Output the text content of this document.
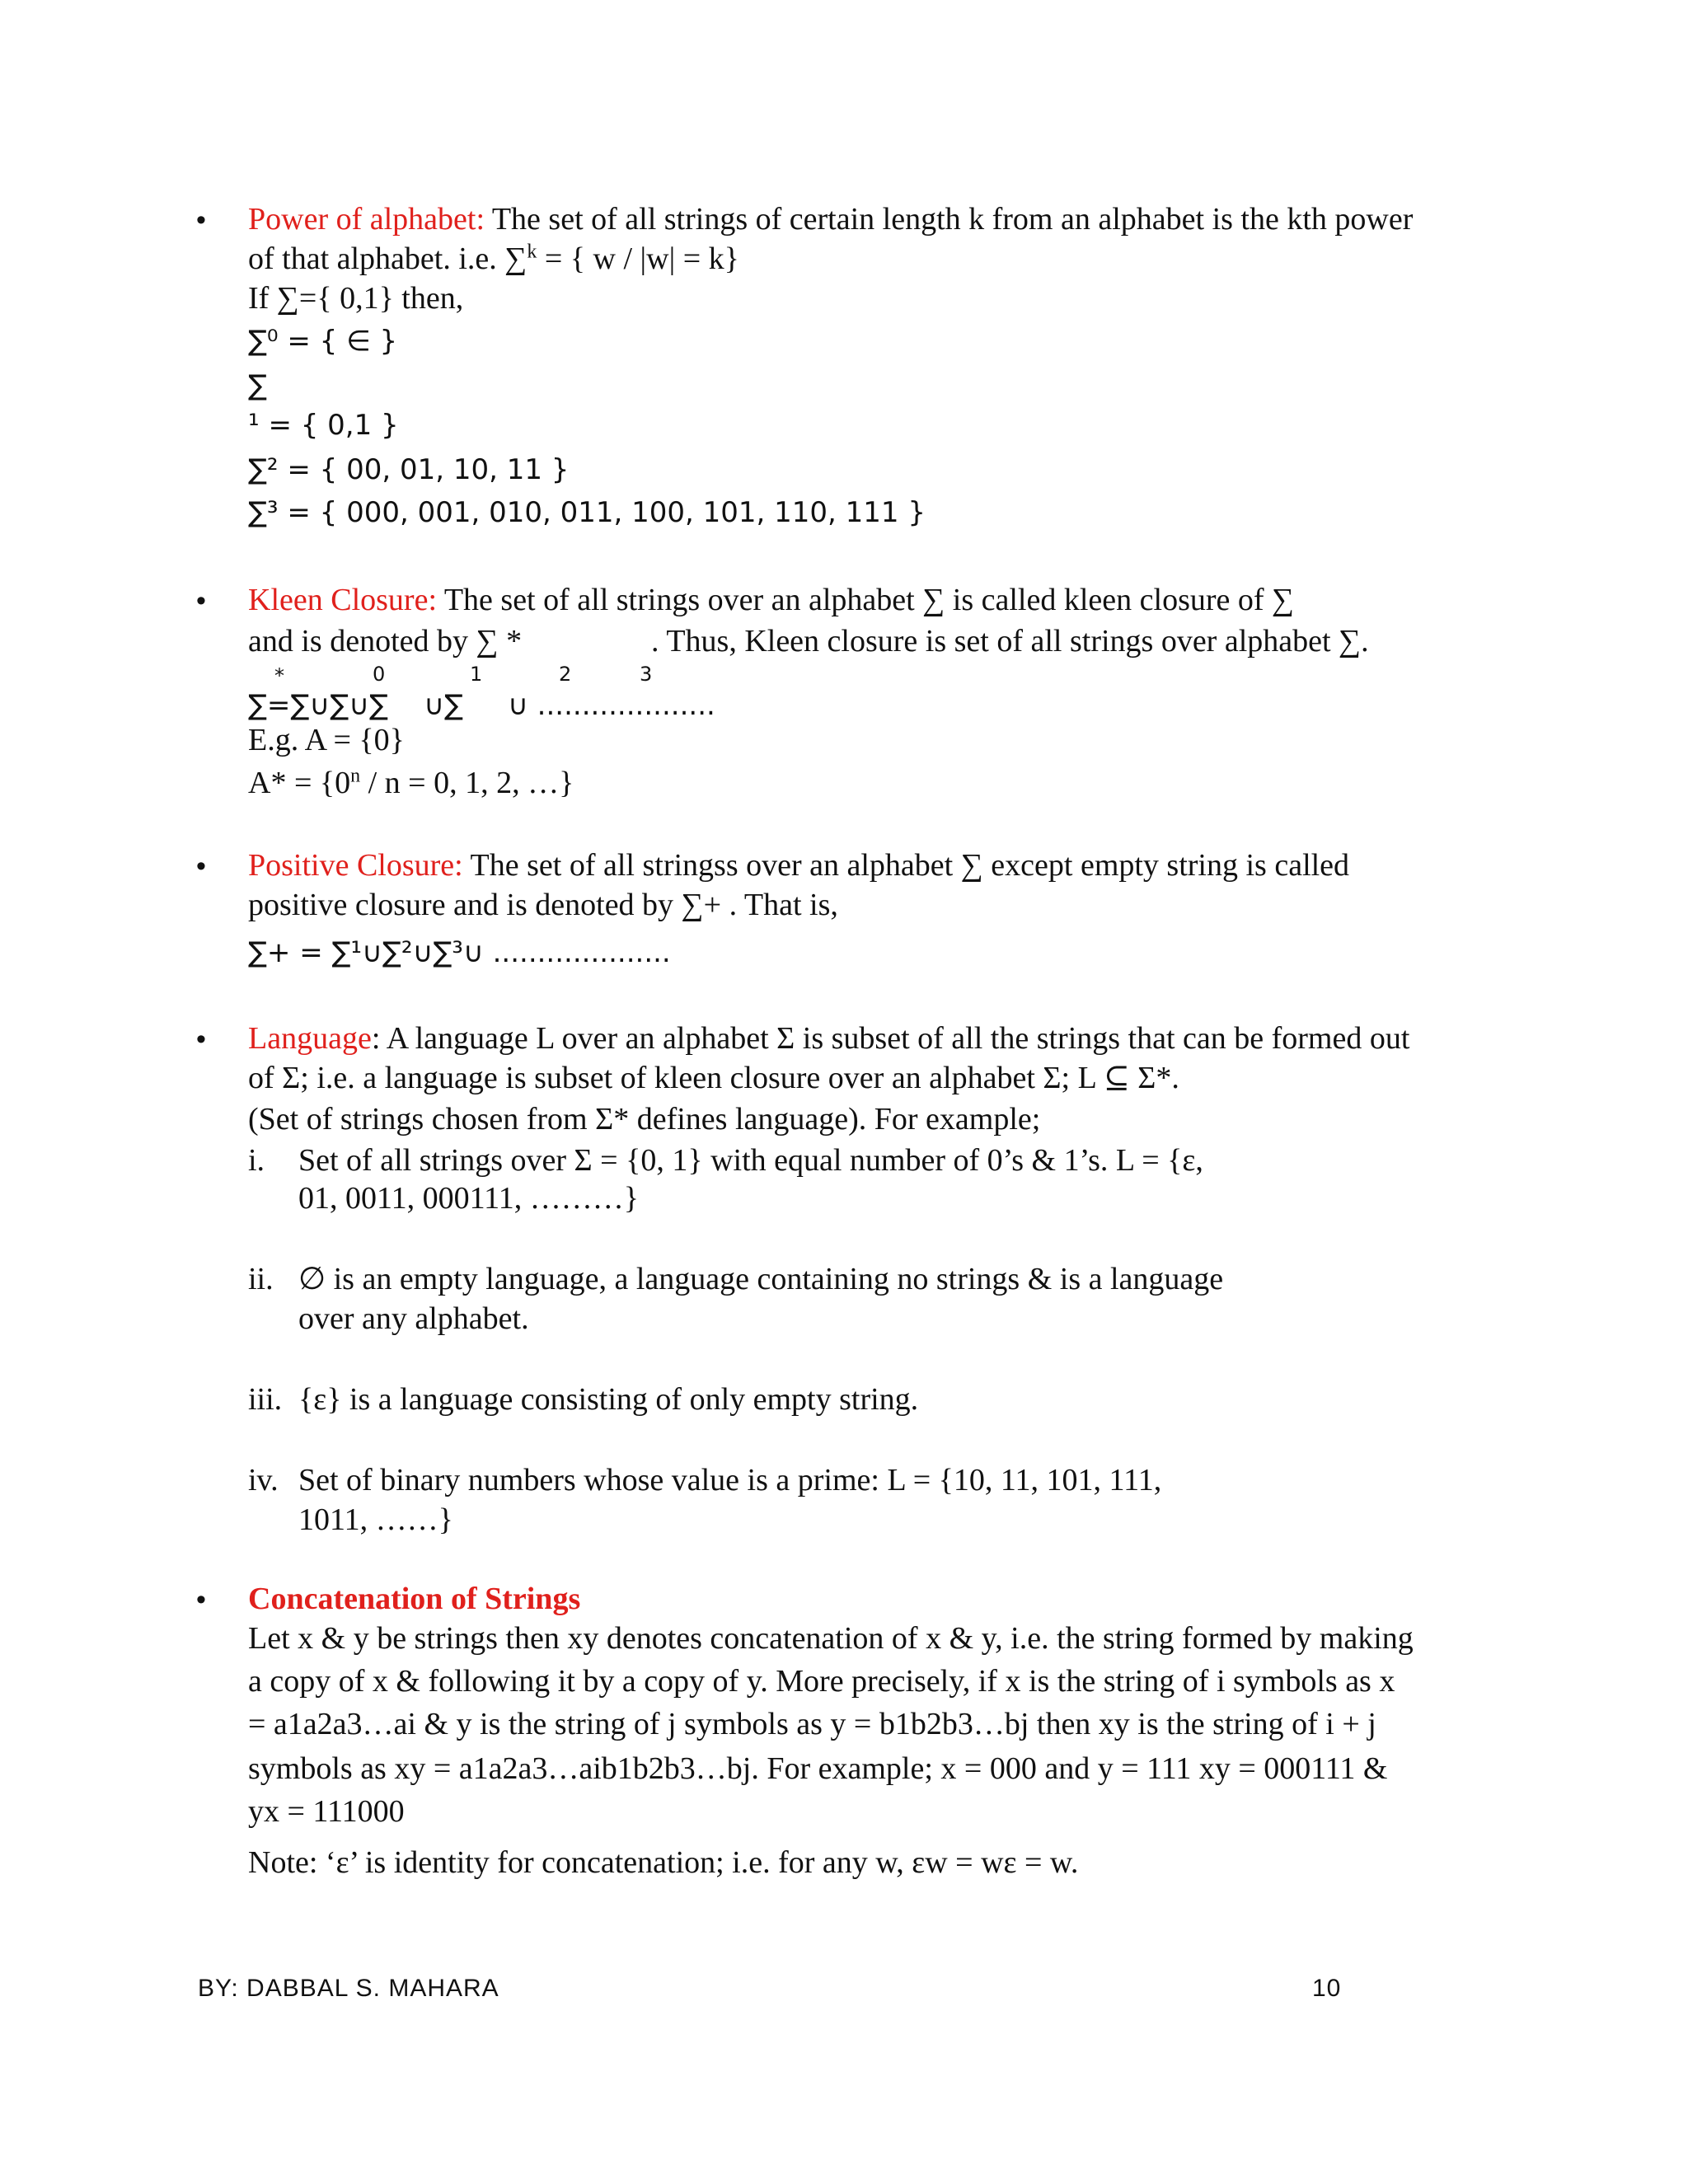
• Power of alphabet: The set of all strings of certain length k from an alphabet is the kth power
of that alphabet. i.e. ∑$^k$ = { w / |w| = k}
If ∑={ 0,1} then,
∑⁰ = { ∈ }
∑
¹ = { 0,1 }
∑² = { 00, 01, 10, 11 }
∑³ = { 000, 001, 010, 011, 100, 101, 110, 111 }
• Kleen Closure: The set of all strings over an alphabet ∑ is called kleen closure of ∑
and is denoted by ∑ *	. Thus, Kleen closure is set of all strings over alphabet ∑.
*	0	1	2	3
∑=∑∪∑∪∑    ∪∑     ∪ ....................
E.g. A = {0}
$A* = \{0^n / n = 0$, 1, 2, …}
• Positive Closure: The set of all stringss over an alphabet ∑ except empty string is called
positive closure and is denoted by ∑+ . That is,
∑+ = ∑¹∪∑²∪∑³∪ ....................
• Language: A language L over an alphabet Σ is subset of all the strings that can be formed out
of Σ; i.e. a language is subset of kleen closure over an alphabet Σ; L ⊆ Σ*.
(Set of strings chosen from Σ* defines language). For example;
i. Set of all strings over Σ = {0, 1} with equal number of 0’s & 1’s. L = {ε,
01, 0011, 000111, ………}
ii. ∅ is an empty language, a language containing no strings & is a language
over any alphabet.
iii. {ε} is a language consisting of only empty string.
iv. Set of binary numbers whose value is a prime: L = {10, 11, 101, 111,
1011, ……}
• Concatenation of Strings
Let x & y be strings then xy denotes concatenation of x & y, i.e. the string formed by making
a copy of x & following it by a copy of y. More precisely, if x is the string of i symbols as x
= a1a2a3…ai & y is the string of j symbols as y = b1b2b3…bj then xy is the string of i + j
symbols as xy = a1a2a3…aib1b2b3…bj. For example; x = 000 and y = 111 xy = 000111 &
yx = 111000
Note: ‘ε’ is identity for concatenation; i.e. for any w, εw = wε = w.
BY: DABBAL S. MAHARA	10
